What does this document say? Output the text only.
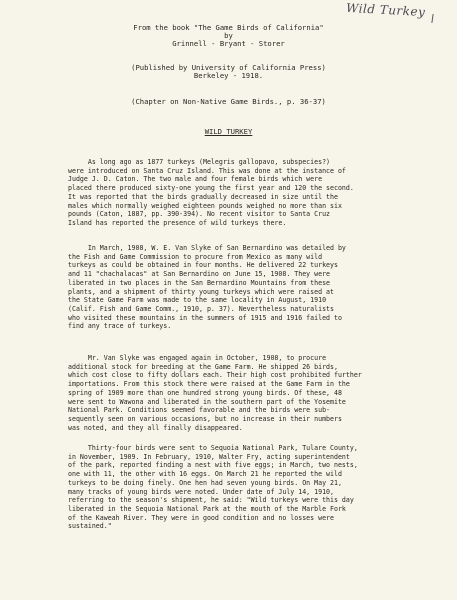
Wild Turkey
From the book "The Game Birds of California"
by
Grinnell - Bryant - Storer
(Published by University of California Press)
Berkeley - 1918.
(Chapter on Non-Native Game Birds., p. 36-37)
WILD TURKEY
As long ago as 1877 turkeys (Melegris gallopavo, subspecies?)
were introduced on Santa Cruz Island. This was done at the instance of
Judge J. D. Caton. The two male and four female birds which were
placed there produced sixty-one young the first year and 120 the second.
It was reported that the birds gradually decreased in size until the
males which normally weighed eighteen pounds weighed no more than six
pounds (Caton, 1887, pp. 390-394). No recent visitor to Santa Cruz
Island has reported the presence of wild turkeys there.
In March, 1908, W. E. Van Slyke of San Bernardino was detailed by
the Fish and Game Commission to procure from Mexico as many wild
turkeys as could be obtained in four months. He delivered 22 turkeys
and 11 "chachalacas" at San Bernardino on June 15, 1908. They were
liberated in two places in the San Bernardino Mountains from these
plants, and a shipment of thirty young turkeys which were raised at
the State Game Farm was made to the same locality in August, 1910
(Calif. Fish and Game Comm., 1910, p. 37). Nevertheless naturalists
who visited these mountains in the summers of 1915 and 1916 failed to
find any trace of turkeys.
Mr. Van Slyke was engaged again in October, 1908, to procure
additional stock for breeding at the Game Farm. He shipped 26 birds,
which cost close to fifty dollars each. Their high cost prohibited further
importations. From this stock there were raised at the Game Farm in the
spring of 1909 more than one hundred strong young birds. Of these, 48
were sent to Wawona and liberated in the southern part of the Yosemite
National Park. Conditions seemed favorable and the birds were sub-
sequently seen on various occasions, but no increase in their numbers
was noted, and they all finally disappeared.
Thirty-four birds were sent to Sequoia National Park, Tulare County,
in November, 1909. In February, 1910, Walter Fry, acting superintendent
of the park, reported finding a nest with five eggs; in March, two nests,
one with 11, the other with 16 eggs. On March 21 he reported the wild
turkeys to be doing finely. One hen had seven young birds. On May 21,
many tracks of young birds were noted. Under date of July 14, 1910,
referring to the season's shipment, he said: "Wild turkeys were this day
liberated in the Sequoia National Park at the mouth of the Marble Fork
of the Kaweah River. They were in good condition and no losses were
sustained."
